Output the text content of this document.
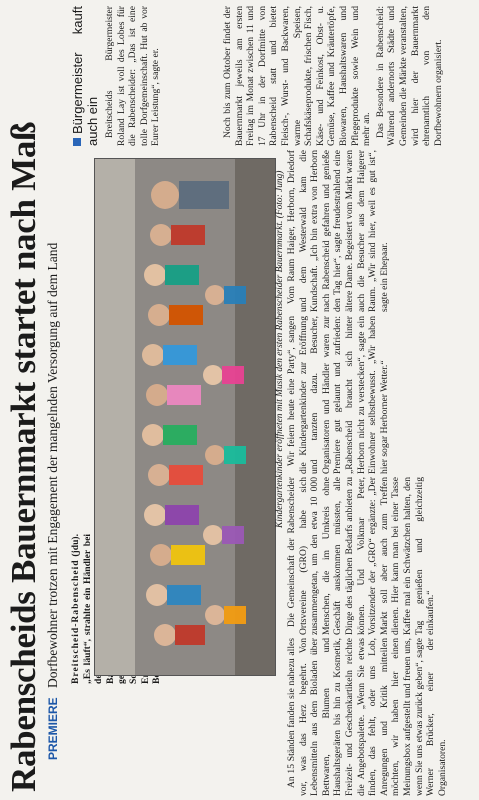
Rabenscheids Bauernmarkt startet nach Maß PREMIERE Dorfbewohner trotzen mit Engagement der mangelnden Versorgung auf dem Land Breitscheid-Rabenscheid (jdu). „Es läuft“, strahlte ein Händler bei der
Kindergartenkinder eröffneten mit Musik den ersten Rabenscheider Bauernmarkt. (Foto: Jung)

An 15 Ständen fanden sie nahezu alles vor, was das Herz begehrt. Von Lebensmitteln aus dem Bioladen über Bettwaren, Blumen und Haushaltsgeräten bis hin zu Kosmetik, Freizeit- und Geschenkartikeln reichte die Angebotspalette. „Wenn Sie etwas finden, das fehlt, oder uns Lob, Anregungen und Kritik mitteilen möchten, wir haben hier einen Meinungsbox aufgestellt und freuen uns, wenn Sie uns etwas zurück geben“, sagte Werner Brücker, einer der Organisatoren.

Die Gemeinschaft der Rabenscheider Ortsvereine (GRO) habe sich zusammengetan, um den etwa 10 000 Menschen, die im Umkreis ohne Geschäft auskommen müssten, alle Dinge des täglichen Bedarfs anbieten zu können. Und Volkmar Peter, Vorsitzender der „GRO“ ergänzte: „Der Markt soll aber auch zum Treffen dienen. Hier kann man bei einer Tasse Kaffee mal ein Schwätzchen halten, den Tag genießen und gleichzeitig einkaufen.“

Wir feiern heute eine Party“, sangen die Kindergartenkinder zur Eröffnung und tanzten dazu. Besucher, Organisatoren und Händler waren zur Premiere gut gelaunt und zufrieden: „Rabenscheid braucht sich hinter Herborn nicht zu verstecken“, sagte ein Einwohner selbstbewusst. „Wir haben hier sogar Herborner Wetter.“

Vom Raum Haiger, Herborn, Driedorf und dem Westerwald kam die Kundschaft. „Ich bin extra von Herborn nach Rabenscheid gefahren und genieße den Tag hier“, sagte freudestrahlend eine ältere Dame. Begeistert vom Markt waren auch die Besucher aus dem Haigerer Raum. „Wir sind hier, weil es gut ist“, sagte ein Ehepaar.

Bürgermeister kauft auch ein Breitscheids Bürgermeister Roland Lay ist voll des Lobes für die Rabenscheider: „Das ist eine tolle Dorfgemeinschaft. Hut ab vor Eurer Leistung“, sagte er.	Noch bis zum Oktober findet der Bauernmarkt jeweils am ersten Freitag im Monat zwischen 11 und 17 Uhr in der Dorfmitte von Rabenscheid statt und bietet Fleisch-, Wurst- und Backwaren, warme Speisen, Schafskäseprodukte, frischen Fisch, Käse- und Feinkost, Obst- u. Gemüse, Kaffee und Kräutertöpfe, Biowaren, Haushaltswaren und Pflegeprodukte sowie Wein und mehr an. Das Besondere in Rabenscheid: Während andernorts Städte und Gemeinden die Märkte veranstalten, wird hier der Bauernmarkt ehrenamtlich von den Dorfbewohnern organisiert.
